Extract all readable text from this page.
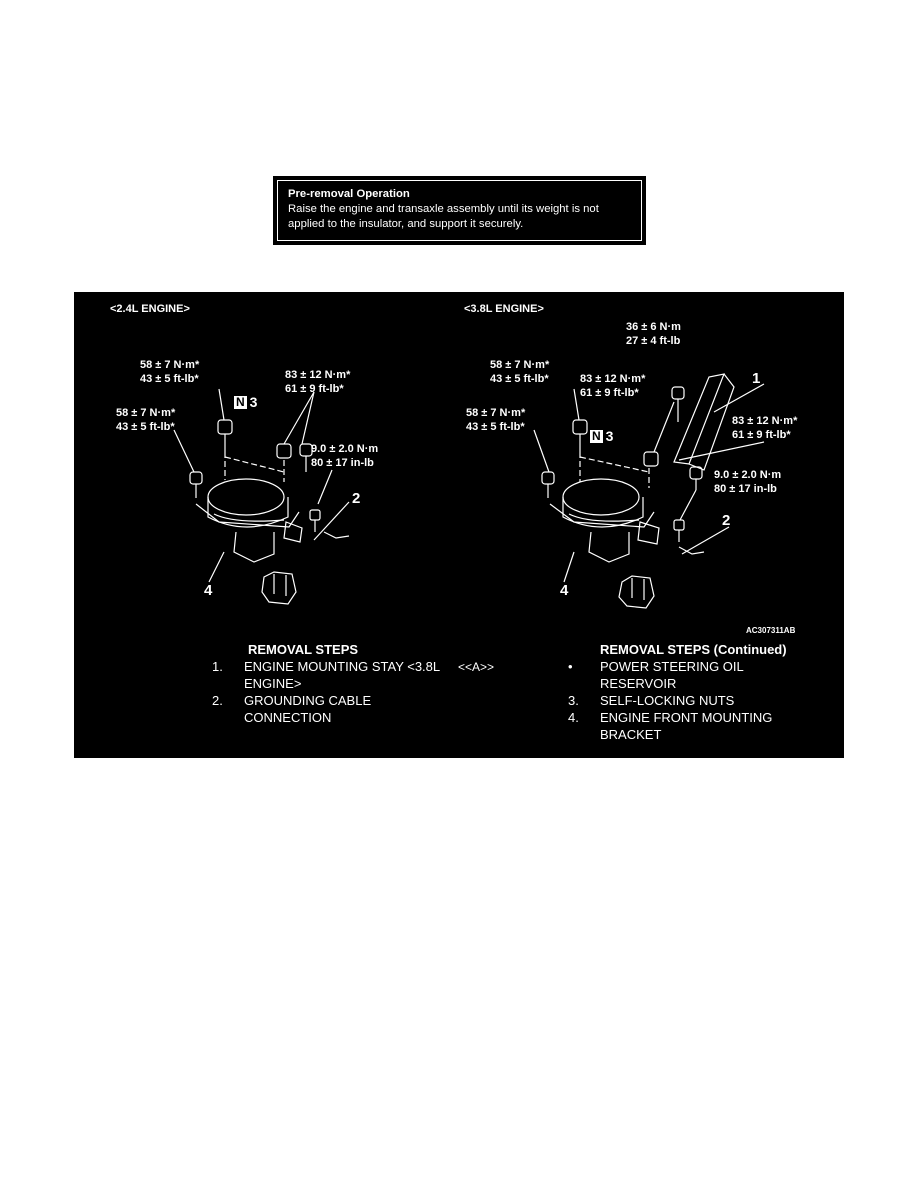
Pre-removal Operation
Raise the engine and transaxle assembly until its weight is not applied to the insulator, and support it securely.
<2.4L ENGINE>
58 ± 7 N·m*
43 ± 5 ft-lb*
58 ± 7 N·m*
43 ± 5 ft-lb*
83 ± 12 N·m*
61 ± 9 ft-lb*
9.0 ± 2.0 N·m
80 ± 17 in-lb
N 3
2
4
<3.8L ENGINE>
36 ± 6 N·m
27 ± 4 ft-lb
58 ± 7 N·m*
43 ± 5 ft-lb*
58 ± 7 N·m*
43 ± 5 ft-lb*
83 ± 12 N·m*
61 ± 9 ft-lb*
83 ± 12 N·m*
61 ± 9 ft-lb*
9.0 ± 2.0 N·m
80 ± 17 in-lb
N 3
1
2
4
AC307311AB
REMOVAL STEPS
1.	ENGINE MOUNTING STAY <3.8L ENGINE>
2.	GROUNDING CABLE CONNECTION
<<A>>
REMOVAL STEPS (Continued)
•	POWER STEERING OIL RESERVOIR
3.	SELF-LOCKING NUTS
4.	ENGINE FRONT MOUNTING BRACKET
